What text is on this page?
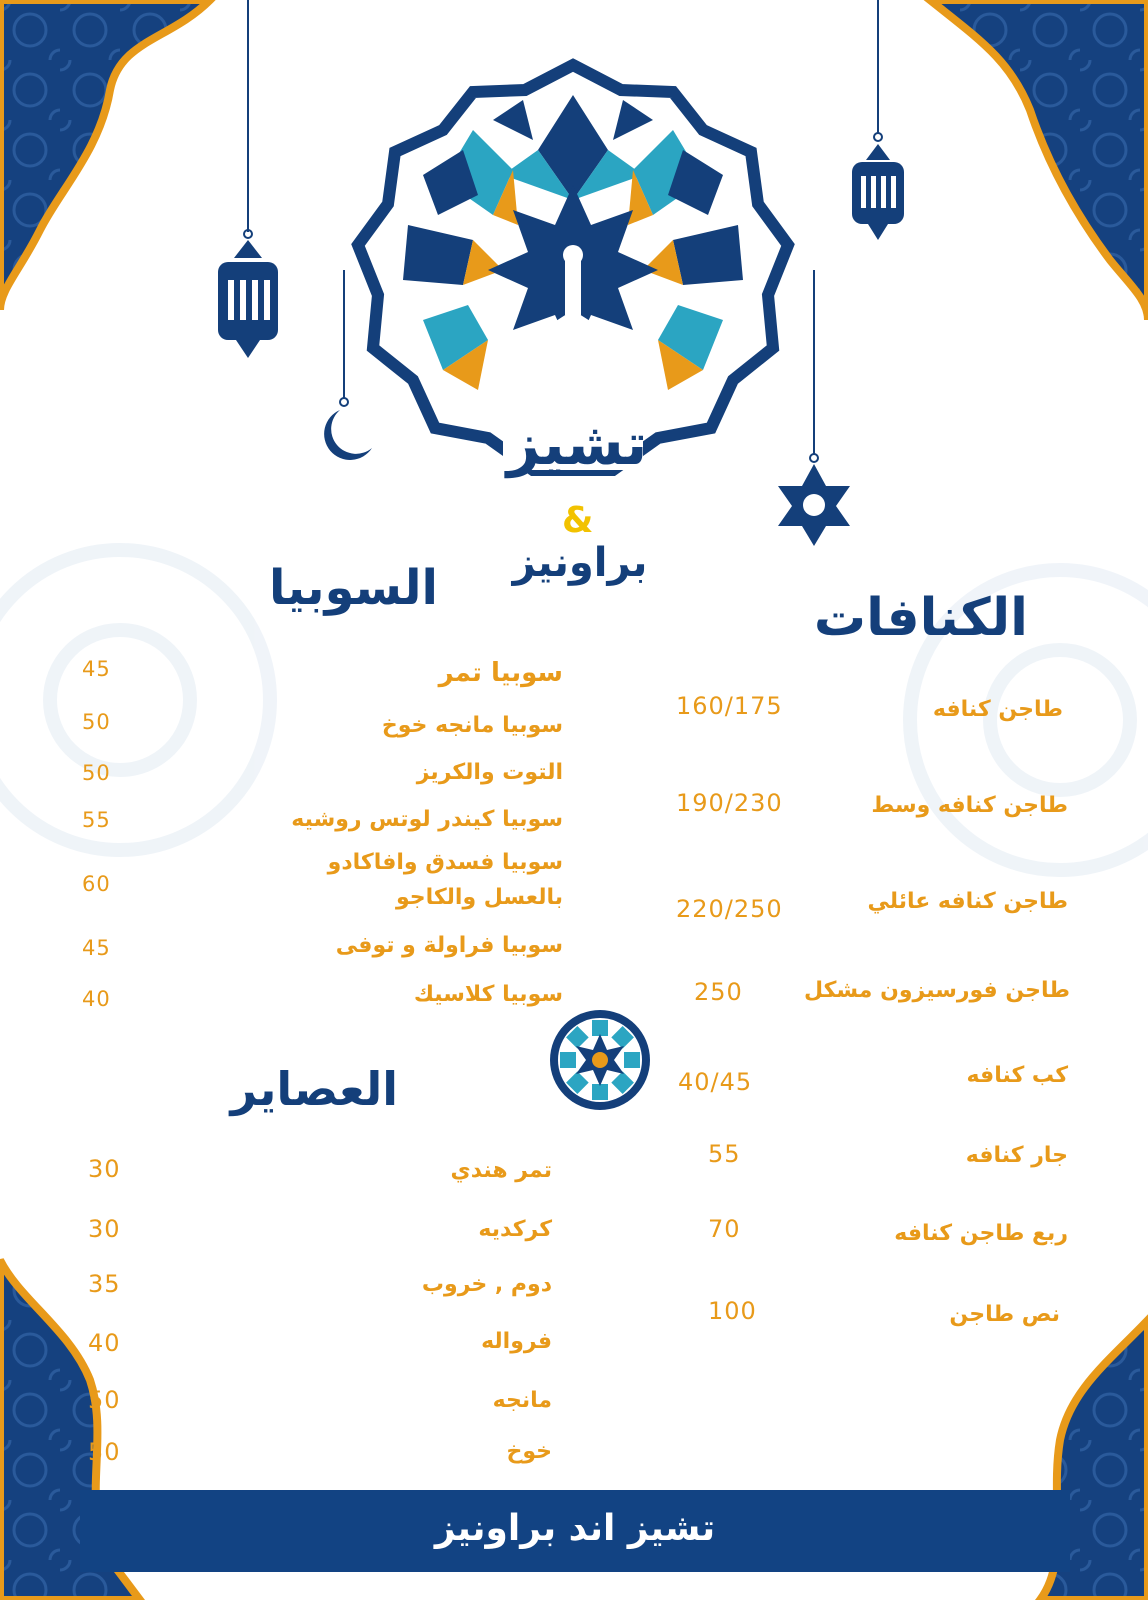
تشيز
&
براونيز
الكنافات
السوبيا
العصاير
طاجن كنافه
160/175
طاجن كنافه وسط
190/230
طاجن كنافه عائلي
220/250
طاجن فورسيزون مشكل
250
كب كنافه
40/45
جار كنافه
55
ربع طاجن كنافه
70
نص طاجن
100
سوبيا تمر
45
سوبيا مانجه خوخ
50
التوت والكريز
50
سوبيا كيندر لوتس روشيه
55
سوبيا فسدق وافاكادو
بالعسل والكاجو
60
سوبيا فراولة و توفى
45
سوبيا كلاسيك
40
تمر هندي
30
كركديه
30
دوم , خروب
35
فرواله
40
مانجه
50
خوخ
50
تشيز اند براونيز
